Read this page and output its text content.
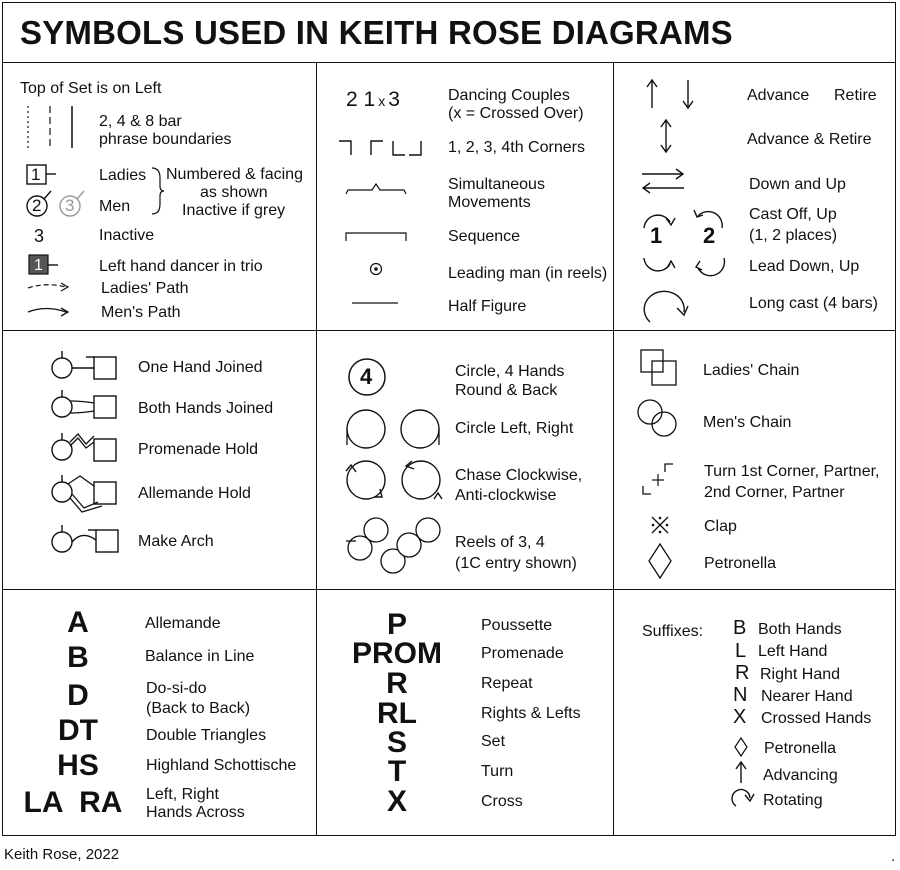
SYMBOLS USED IN KEITH ROSE DIAGRAMS
Top of Set is on Left
2, 4 & 8 bar
phrase boundaries
1
2 3
Ladies
Men
Numbered & facing
as shown
Inactive if grey
3	Inactive
1	Left hand dancer in trio
Ladies' Path
Men's Path
2 1 x 3	Dancing Couples
(x = Crossed Over)
1, 2, 3, 4th Corners
Simultaneous
Movements
Sequence
Leading man (in reels)
Half Figure
Advance Retire
Advance & Retire
Down and Up
1 2
Cast Off, Up
(1, 2 places)
Lead Down, Up
Long cast (4 bars)
One Hand Joined
Both Hands Joined
Promenade Hold
Allemande Hold
Make Arch
4	Circle, 4 Hands
Round & Back
Circle Left, Right
Chase Clockwise,
Anti-clockwise
Reels of 3, 4
(1C entry shown)
Ladies' Chain
Men's Chain
Turn 1st Corner, Partner,
2nd Corner, Partner
Clap
Petronella
A	Allemande
B	Balance in Line
D	Do-si-do
(Back to Back)
DT	Double Triangles
HS	Highland Schottische
LA  RA	Left, Right
Hands Across
P	Poussette
PROM	Promenade
R	Repeat
RL	Rights & Lefts
S	Set
T	Turn
X	Cross
Suffixes: B Both Hands
L Left Hand
R Right Hand
N Nearer Hand
X Crossed Hands
Petronella
Advancing
Rotating
Keith Rose, 2022	.
